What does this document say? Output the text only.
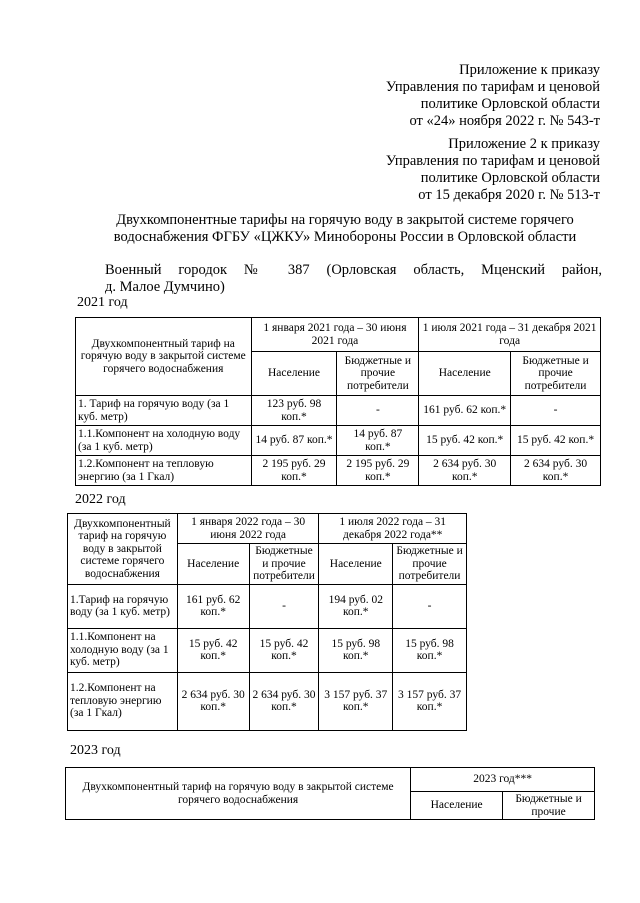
Приложение к приказу
Управления по тарифам и ценовой
политике Орловской области
от «24» ноября 2022 г. № 543-т
Приложение 2 к приказу
Управления по тарифам и ценовой
политике Орловской области
от 15 декабря 2020 г. № 513-т
Двухкомпонентные тарифы на горячую воду в закрытой системе горячего
водоснабжения ФГБУ «ЦЖКУ» Минобороны России в Орловской области
Военный городок № 387 (Орловская область, Мценский район,
д. Малое Думчино)
2021 год
Двухкомпонентный тариф на горячую воду в закрытой системе горячего водоснабжения	1 января 2021 года – 30 июня 2021 года		1 июля 2021 года – 31 декабря 2021 года	
	Население	Бюджетные и прочие потребители	Население	Бюджетные и прочие потребители
1. Тариф на горячую воду (за 1 куб. метр)	123 руб. 98 коп.*	-	161 руб. 62 коп.*	-
1.1.Компонент на холодную воду (за 1 куб. метр)	14 руб. 87 коп.*	14 руб. 87 коп.*	15 руб. 42 коп.*	15 руб. 42 коп.*
1.2.Компонент на тепловую энергию (за 1 Гкал)	2 195 руб. 29 коп.*	2 195 руб. 29 коп.*	2 634 руб. 30 коп.*	2 634 руб. 30 коп.*
2022 год
Двухкомпонентный тариф на горячую воду в закрытой системе горячего водоснабжения	1 января 2022 года – 30 июня 2022 года		1 июля 2022 года – 31 декабря 2022 года**	
	Население	Бюджетные и прочие потребители	Население	Бюджетные и прочие потребители
1.Тариф на горячую воду (за 1 куб. метр)	161 руб. 62 коп.*	-	194 руб. 02 коп.*	-
1.1.Компонент на холодную воду (за 1 куб. метр)	15 руб. 42 коп.*	15 руб. 42 коп.*	15 руб. 98 коп.*	15 руб. 98 коп.*
1.2.Компонент на тепловую энергию (за 1 Гкал)	2 634 руб. 30 коп.*	2 634 руб. 30 коп.*	3 157 руб. 37 коп.*	3 157 руб. 37 коп.*
2023 год
Двухкомпонентный тариф на горячую воду в закрытой системе горячего водоснабжения	2023 год***	
	Население	Бюджетные и прочие
